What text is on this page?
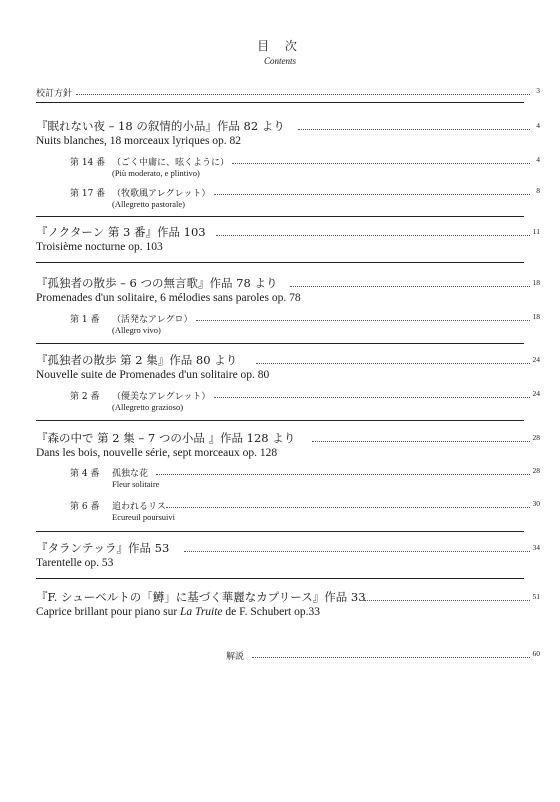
目 次
Contents
校訂方針	3
『眠れない夜 – 18 の叙情的小品』作品 82 より	4
Nuits blanches, 18 morceaux lyriques op. 82
第 14 番 （ごく中庸に、呟くように）	4
(Più moderato, e plintivo)
第 17 番 （牧歌風アレグレット）	8
(Allegretto pastorale)
『ノクターン 第 3 番』作品 103	11
Troisième nocturne op. 103
『孤独者の散歩 – 6 つの無言歌』作品 78 より	18
Promenades d'un solitaire, 6 mélodies sans paroles op. 78
第 1 番 （活発なアレグロ）	18
(Allegro vivo)
『孤独者の散歩 第 2 集』作品 80 より	24
Nouvelle suite de Promenades d'un solitaire op. 80
第 2 番 （優美なアレグレット）	24
(Allegretto grazioso)
『森の中で 第 2 集 – 7 つの小品 』作品 128 より	28
Dans les bois, nouvelle série, sept morceaux op. 128
第 4 番 孤独な花	28
Fleur solitaire
第 6 番 追われるリス	30
Ecureuil poursuivi
『タランテッラ』作品 53	34
Tarentelle op. 53
『F. シューベルトの「鱒」に基づく華麗なカプリース』作品 33	51
Caprice brillant pour piano sur La Truite de F. Schubert op.33
解説	60
